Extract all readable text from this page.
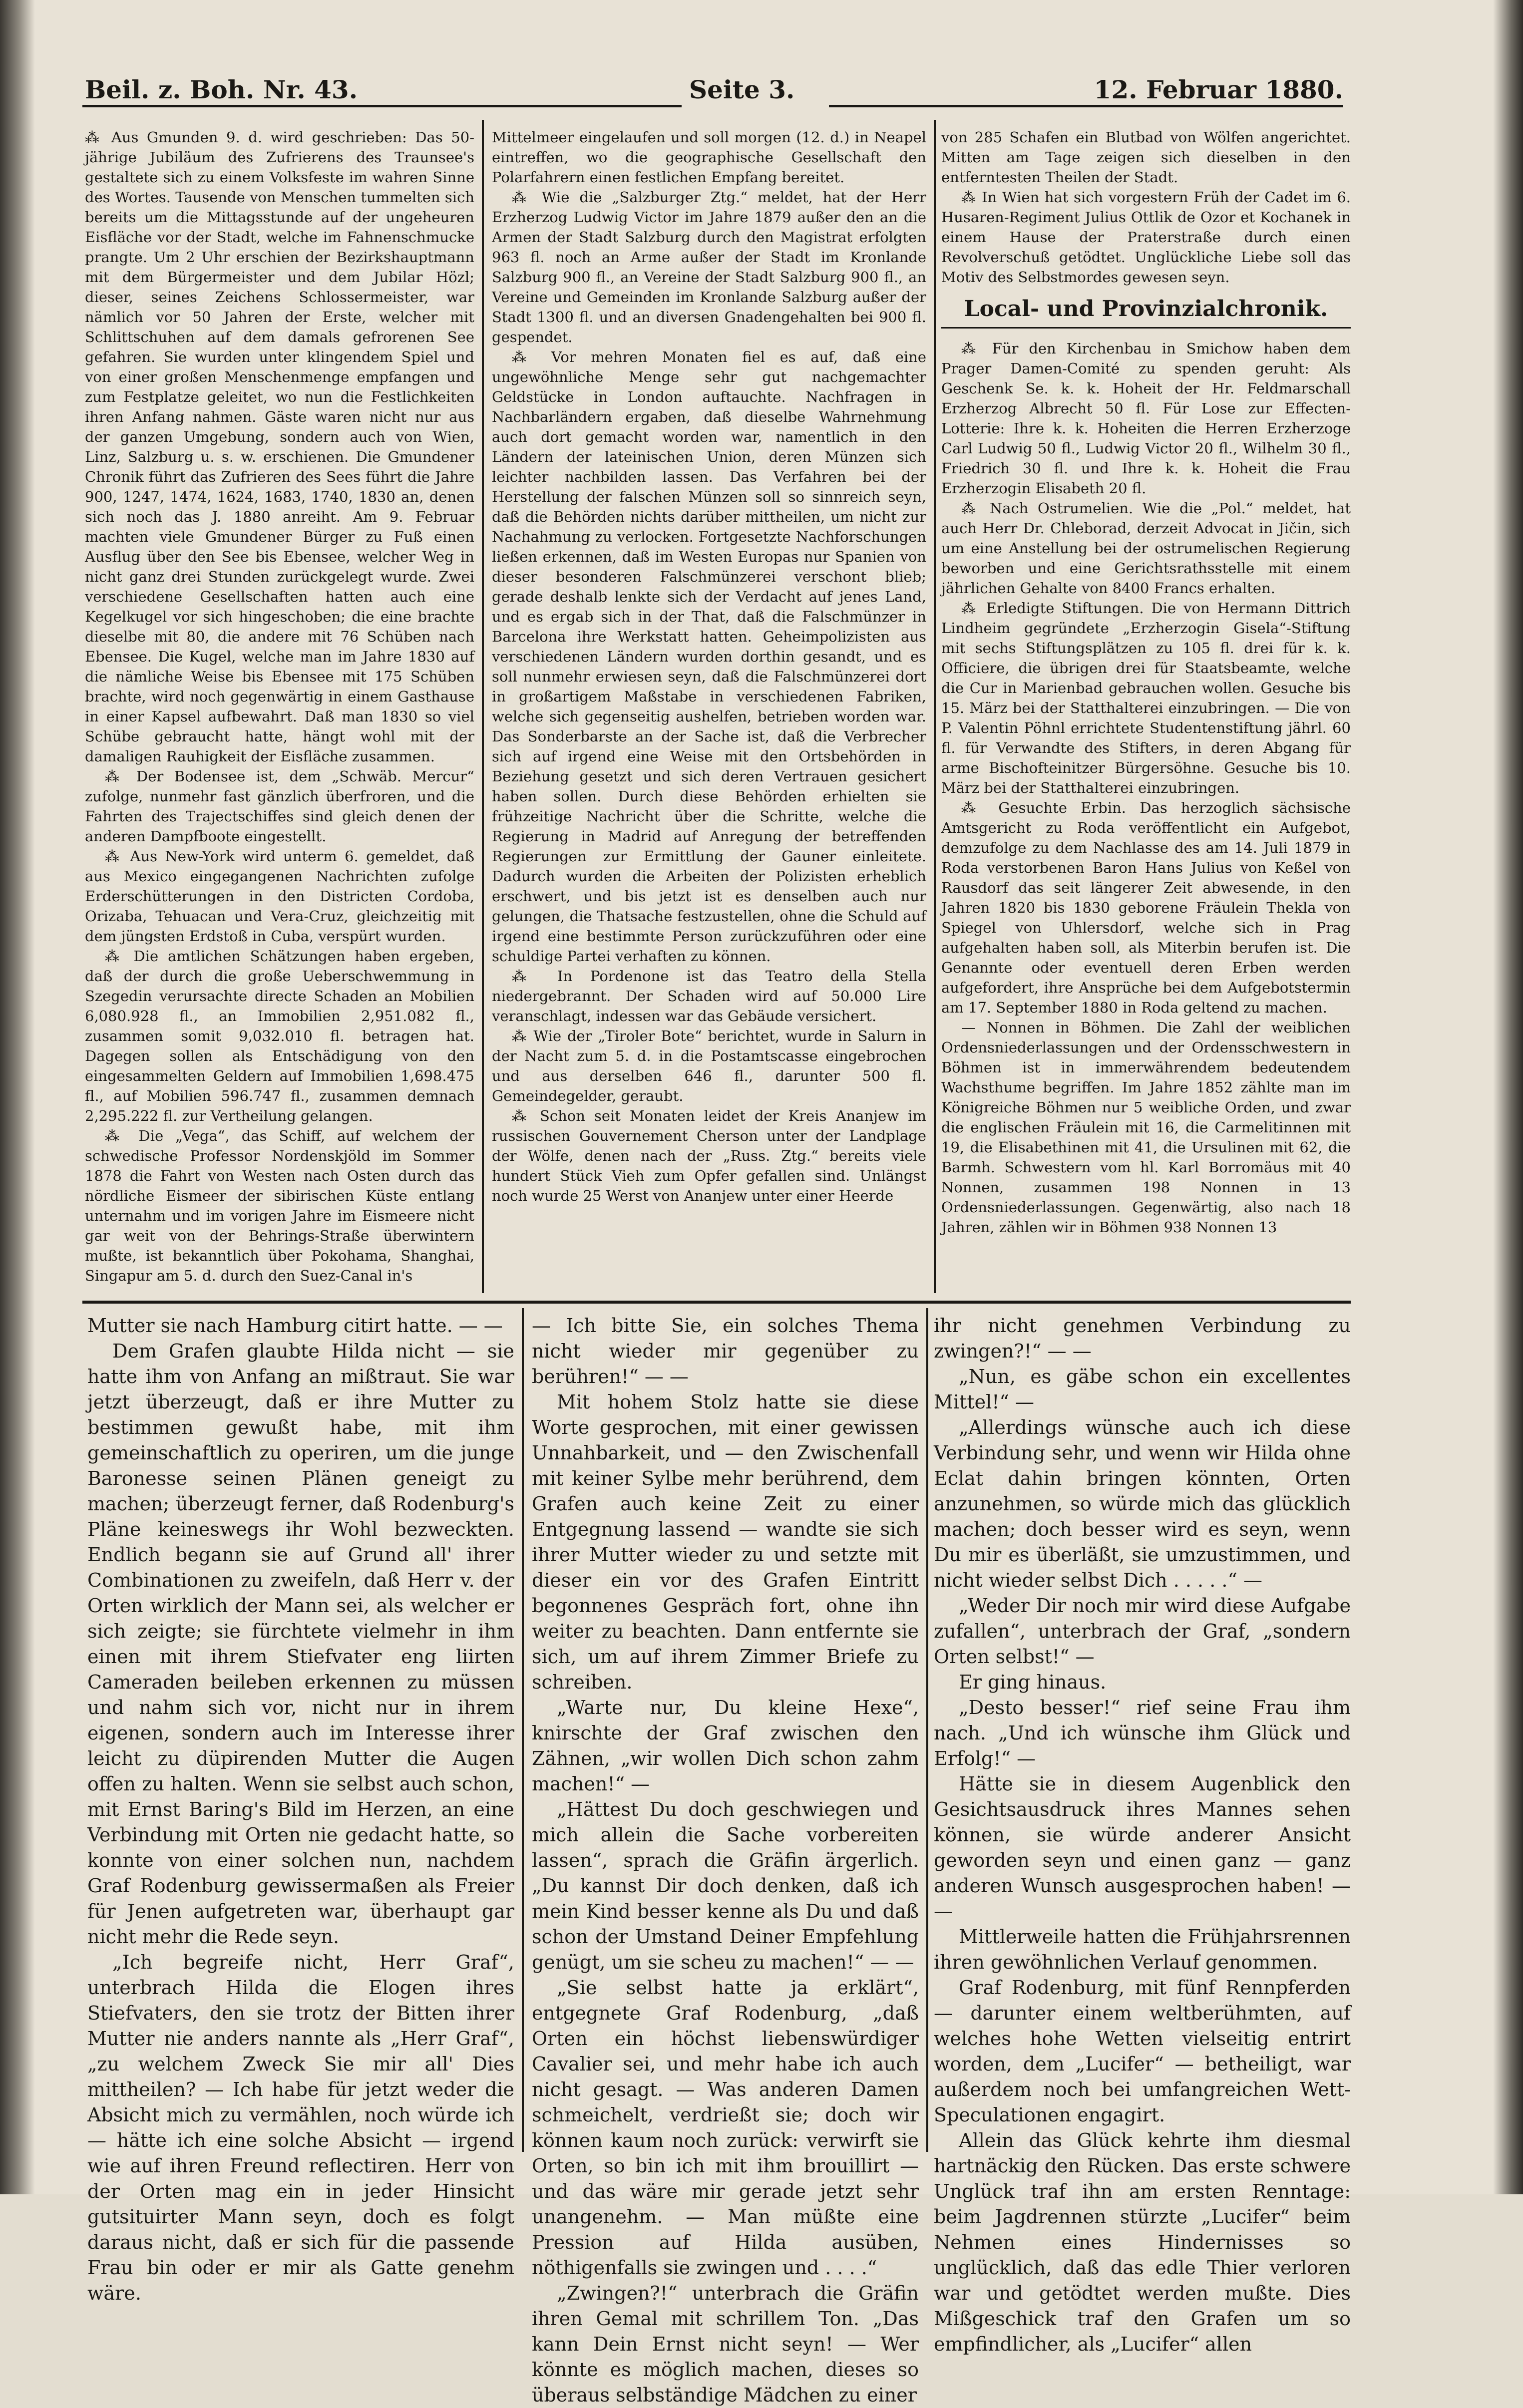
Beil. z. Boh. Nr. 43.	Seite 3.	12. Februar 1880.

⁂ Aus Gmunden 9. d. wird geschrieben: Das 50-jährige Jubiläum des Zufrierens des Traunsee's gestaltete sich zu einem Volksfeste im wahren Sinne des Wortes. Tausende von Menschen tummelten sich bereits um die Mittagsstunde auf der ungeheuren Eisfläche vor der Stadt, welche im Fahnenschmucke prangte. Um 2 Uhr erschien der Bezirkshauptmann mit dem Bürgermeister und dem Jubilar Hözl; dieser, seines Zeichens Schlossermeister, war nämlich vor 50 Jahren der Erste, welcher mit Schlittschuhen auf dem damals gefrorenen See gefahren. Sie wurden unter klingendem Spiel und von einer großen Menschenmenge empfangen und zum Festplatze geleitet, wo nun die Festlichkeiten ihren Anfang nahmen. Gäste waren nicht nur aus der ganzen Umgebung, sondern auch von Wien, Linz, Salzburg u. s. w. erschienen. Die Gmundener Chronik führt das Zufrieren des Sees führt die Jahre 900, 1247, 1474, 1624, 1683, 1740, 1830 an, denen sich noch das J. 1880 anreiht. Am 9. Februar machten viele Gmundener Bürger zu Fuß einen Ausflug über den See bis Ebensee, welcher Weg in nicht ganz drei Stunden zurückgelegt wurde. Zwei verschiedene Gesellschaften hatten auch eine Kegelkugel vor sich hingeschoben; die eine brachte dieselbe mit 80, die andere mit 76 Schüben nach Ebensee. Die Kugel, welche man im Jahre 1830 auf die nämliche Weise bis Ebensee mit 175 Schüben brachte, wird noch gegenwärtig in einem Gasthause in einer Kapsel aufbewahrt. Daß man 1830 so viel Schübe gebraucht hatte, hängt wohl mit der damaligen Rauhigkeit der Eisfläche zusammen.

⁂ Der Bodensee ist, dem „Schwäb. Mercur“ zufolge, nunmehr fast gänzlich überfroren, und die Fahrten des Trajectschiffes sind gleich denen der anderen Dampfboote eingestellt.

⁂ Aus New-York wird unterm 6. gemeldet, daß aus Mexico eingegangenen Nachrichten zufolge Erderschütterungen in den Districten Cordoba, Orizaba, Tehuacan und Vera-Cruz, gleichzeitig mit dem jüngsten Erdstoß in Cuba, verspürt wurden.

⁂ Die amtlichen Schätzungen haben ergeben, daß der durch die große Ueberschwemmung in Szegedin verursachte directe Schaden an Mobilien 6,080.928 fl., an Immobilien 2,951.082 fl., zusammen somit 9,032.010 fl. betragen hat. Dagegen sollen als Entschädigung von den eingesammelten Geldern auf Immobilien 1,698.475 fl., auf Mobilien 596.747 fl., zusammen demnach 2,295.222 fl. zur Vertheilung gelangen.

⁂ Die „Vega“, das Schiff, auf welchem der schwedische Professor Nordenskjöld im Sommer 1878 die Fahrt von Westen nach Osten durch das nördliche Eismeer der sibirischen Küste entlang unternahm und im vorigen Jahre im Eismeere nicht gar weit von der Behrings-Straße überwintern mußte, ist bekanntlich über Pokohama, Shanghai, Singapur am 5. d. durch den Suez-Canal in's

Mittelmeer eingelaufen und soll morgen (12. d.) in Neapel eintreffen, wo die geographische Gesellschaft den Polarfahrern einen festlichen Empfang bereitet.

⁂ Wie die „Salzburger Ztg.“ meldet, hat der Herr Erzherzog Ludwig Victor im Jahre 1879 außer den an die Armen der Stadt Salzburg durch den Magistrat erfolgten 963 fl. noch an Arme außer der Stadt im Kronlande Salzburg 900 fl., an Vereine der Stadt Salzburg 900 fl., an Vereine und Gemeinden im Kronlande Salzburg außer der Stadt 1300 fl. und an diversen Gnadengehalten bei 900 fl. gespendet.

⁂ Vor mehren Monaten fiel es auf, daß eine ungewöhnliche Menge sehr gut nachgemachter Geldstücke in London auftauchte. Nachfragen in Nachbarländern ergaben, daß dieselbe Wahrnehmung auch dort gemacht worden war, namentlich in den Ländern der lateinischen Union, deren Münzen sich leichter nachbilden lassen. Das Verfahren bei der Herstellung der falschen Münzen soll so sinnreich seyn, daß die Behörden nichts darüber mittheilen, um nicht zur Nachahmung zu verlocken. Fortgesetzte Nachforschungen ließen erkennen, daß im Westen Europas nur Spanien von dieser besonderen Falschmünzerei verschont blieb; gerade deshalb lenkte sich der Verdacht auf jenes Land, und es ergab sich in der That, daß die Falschmünzer in Barcelona ihre Werkstatt hatten. Geheimpolizisten aus verschiedenen Ländern wurden dorthin gesandt, und es soll nunmehr erwiesen seyn, daß die Falschmünzerei dort in großartigem Maßstabe in verschiedenen Fabriken, welche sich gegenseitig aushelfen, betrieben worden war. Das Sonderbarste an der Sache ist, daß die Verbrecher sich auf irgend eine Weise mit den Ortsbehörden in Beziehung gesetzt und sich deren Vertrauen gesichert haben sollen. Durch diese Behörden erhielten sie frühzeitige Nachricht über die Schritte, welche die Regierung in Madrid auf Anregung der betreffenden Regierungen zur Ermittlung der Gauner einleitete. Dadurch wurden die Arbeiten der Polizisten erheblich erschwert, und bis jetzt ist es denselben auch nur gelungen, die Thatsache festzustellen, ohne die Schuld auf irgend eine bestimmte Person zurückzuführen oder eine schuldige Partei verhaften zu können.

⁂ In Pordenone ist das Teatro della Stella niedergebrannt. Der Schaden wird auf 50.000 Lire veranschlagt, indessen war das Gebäude versichert.

⁂ Wie der „Tiroler Bote“ berichtet, wurde in Salurn in der Nacht zum 5. d. in die Postamtscasse eingebrochen und aus derselben 646 fl., darunter 500 fl. Gemeindegelder, geraubt.

⁂ Schon seit Monaten leidet der Kreis Ananjew im russischen Gouvernement Cherson unter der Landplage der Wölfe, denen nach der „Russ. Ztg.“ bereits viele hundert Stück Vieh zum Opfer gefallen sind. Unlängst noch wurde 25 Werst von Ananjew unter einer Heerde

von 285 Schafen ein Blutbad von Wölfen angerichtet. Mitten am Tage zeigen sich dieselben in den entferntesten Theilen der Stadt.

⁂ In Wien hat sich vorgestern Früh der Cadet im 6. Husaren-Regiment Julius Ottlik de Ozor et Kochanek in einem Hause der Praterstraße durch einen Revolverschuß getödtet. Unglückliche Liebe soll das Motiv des Selbstmordes gewesen seyn.

Local- und Provinzialchronik.

⁂ Für den Kirchenbau in Smichow haben dem Prager Damen-Comité zu spenden geruht: Als Geschenk Se. k. k. Hoheit der Hr. Feldmarschall Erzherzog Albrecht 50 fl. Für Lose zur Effecten-Lotterie: Ihre k. k. Hoheiten die Herren Erzherzoge Carl Ludwig 50 fl., Ludwig Victor 20 fl., Wilhelm 30 fl., Friedrich 30 fl. und Ihre k. k. Hoheit die Frau Erzherzogin Elisabeth 20 fl.

⁂ Nach Ostrumelien. Wie die „Pol.“ meldet, hat auch Herr Dr. Chleborad, derzeit Advocat in Jičin, sich um eine Anstellung bei der ostrumelischen Regierung beworben und eine Gerichtsrathsstelle mit einem jährlichen Gehalte von 8400 Francs erhalten.

⁂ Erledigte Stiftungen. Die von Hermann Dittrich Lindheim gegründete „Erzherzogin Gisela“-Stiftung mit sechs Stiftungsplätzen zu 105 fl. drei für k. k. Officiere, die übrigen drei für Staatsbeamte, welche die Cur in Marienbad gebrauchen wollen. Gesuche bis 15. März bei der Statthalterei einzubringen. — Die von P. Valentin Pöhnl errichtete Studentenstiftung jährl. 60 fl. für Verwandte des Stifters, in deren Abgang für arme Bischofteinitzer Bürgersöhne. Gesuche bis 10. März bei der Statthalterei einzubringen.

⁂ Gesuchte Erbin. Das herzoglich sächsische Amtsgericht zu Roda veröffentlicht ein Aufgebot, demzufolge zu dem Nachlasse des am 14. Juli 1879 in Roda verstorbenen Baron Hans Julius von Keßel von Rausdorf das seit längerer Zeit abwesende, in den Jahren 1820 bis 1830 geborene Fräulein Thekla von Spiegel von Uhlersdorf, welche sich in Prag aufgehalten haben soll, als Miterbin berufen ist. Die Genannte oder eventuell deren Erben werden aufgefordert, ihre Ansprüche bei dem Aufgebotstermin am 17. September 1880 in Roda geltend zu machen.

— Nonnen in Böhmen. Die Zahl der weiblichen Ordensniederlassungen und der Ordensschwestern in Böhmen ist in immerwährendem bedeutendem Wachsthume begriffen. Im Jahre 1852 zählte man im Königreiche Böhmen nur 5 weibliche Orden, und zwar die englischen Fräulein mit 16, die Carmelitinnen mit 19, die Elisabethinen mit 41, die Ursulinen mit 62, die Barmh. Schwestern vom hl. Karl Borromäus mit 40 Nonnen, zusammen 198 Nonnen in 13 Ordensniederlassungen. Gegenwärtig, also nach 18 Jahren, zählen wir in Böhmen 938 Nonnen 13

Mutter sie nach Hamburg citirt hatte. — —

Dem Grafen glaubte Hilda nicht — sie hatte ihm von Anfang an mißtraut. Sie war jetzt überzeugt, daß er ihre Mutter zu bestimmen gewußt habe, mit ihm gemeinschaftlich zu operiren, um die junge Baronesse seinen Plänen geneigt zu machen; überzeugt ferner, daß Rodenburg's Pläne keineswegs ihr Wohl bezweckten. Endlich begann sie auf Grund all' ihrer Combinationen zu zweifeln, daß Herr v. der Orten wirklich der Mann sei, als welcher er sich zeigte; sie fürchtete vielmehr in ihm einen mit ihrem Stiefvater eng liirten Cameraden beileben erkennen zu müssen und nahm sich vor, nicht nur in ihrem eigenen, sondern auch im Interesse ihrer leicht zu düpirenden Mutter die Augen offen zu halten. Wenn sie selbst auch schon, mit Ernst Baring's Bild im Herzen, an eine Verbindung mit Orten nie gedacht hatte, so konnte von einer solchen nun, nachdem Graf Rodenburg gewissermaßen als Freier für Jenen aufgetreten war, überhaupt gar nicht mehr die Rede seyn.

„Ich begreife nicht, Herr Graf“, unterbrach Hilda die Elogen ihres Stiefvaters, den sie trotz der Bitten ihrer Mutter nie anders nannte als „Herr Graf“, „zu welchem Zweck Sie mir all' Dies mittheilen? — Ich habe für jetzt weder die Absicht mich zu vermählen, noch würde ich — hätte ich eine solche Absicht — irgend wie auf ihren Freund reflectiren. Herr von der Orten mag ein in jeder Hinsicht gutsituirter Mann seyn, doch es folgt daraus nicht, daß er sich für die passende Frau bin oder er mir als Gatte genehm wäre.

— Ich bitte Sie, ein solches Thema nicht wieder mir gegenüber zu berühren!“ — —

Mit hohem Stolz hatte sie diese Worte gesprochen, mit einer gewissen Unnahbarkeit, und — den Zwischenfall mit keiner Sylbe mehr berührend, dem Grafen auch keine Zeit zu einer Entgegnung lassend — wandte sie sich ihrer Mutter wieder zu und setzte mit dieser ein vor des Grafen Eintritt begonnenes Gespräch fort, ohne ihn weiter zu beachten. Dann entfernte sie sich, um auf ihrem Zimmer Briefe zu schreiben.

„Warte nur, Du kleine Hexe“, knirschte der Graf zwischen den Zähnen, „wir wollen Dich schon zahm machen!“ —

„Hättest Du doch geschwiegen und mich allein die Sache vorbereiten lassen“, sprach die Gräfin ärgerlich. „Du kannst Dir doch denken, daß ich mein Kind besser kenne als Du und daß schon der Umstand Deiner Empfehlung genügt, um sie scheu zu machen!“ — —

„Sie selbst hatte ja erklärt“, entgegnete Graf Rodenburg, „daß Orten ein höchst liebenswürdiger Cavalier sei, und mehr habe ich auch nicht gesagt. — Was anderen Damen schmeichelt, verdrießt sie; doch wir können kaum noch zurück: verwirft sie Orten, so bin ich mit ihm brouillirt — und das wäre mir gerade jetzt sehr unangenehm. — Man müßte eine Pression auf Hilda ausüben, nöthigenfalls sie zwingen und . . . .“

„Zwingen?!“ unterbrach die Gräfin ihren Gemal mit schrillem Ton. „Das kann Dein Ernst nicht seyn! — Wer könnte es möglich machen, dieses so überaus selbständige Mädchen zu einer

ihr nicht genehmen Verbindung zu zwingen?!“ — —

„Nun, es gäbe schon ein excellentes Mittel!“ —

„Allerdings wünsche auch ich diese Verbindung sehr, und wenn wir Hilda ohne Eclat dahin bringen könnten, Orten anzunehmen, so würde mich das glücklich machen; doch besser wird es seyn, wenn Du mir es überläßt, sie umzustimmen, und nicht wieder selbst Dich . . . . .“ —

„Weder Dir noch mir wird diese Aufgabe zufallen“, unterbrach der Graf, „sondern Orten selbst!“ —

Er ging hinaus.

„Desto besser!“ rief seine Frau ihm nach. „Und ich wünsche ihm Glück und Erfolg!“ —

Hätte sie in diesem Augenblick den Gesichtsausdruck ihres Mannes sehen können, sie würde anderer Ansicht geworden seyn und einen ganz — ganz anderen Wunsch ausgesprochen haben! — —

Mittlerweile hatten die Frühjahrsrennen ihren gewöhnlichen Verlauf genommen.

Graf Rodenburg, mit fünf Rennpferden — darunter einem weltberühmten, auf welches hohe Wetten vielseitig entrirt worden, dem „Lucifer“ — betheiligt, war außerdem noch bei umfangreichen Wett-Speculationen engagirt.

Allein das Glück kehrte ihm diesmal hartnäckig den Rücken. Das erste schwere Unglück traf ihn am ersten Renntage: beim Jagdrennen stürzte „Lucifer“ beim Nehmen eines Hindernisses so unglücklich, daß das edle Thier verloren war und getödtet werden mußte. Dies Mißgeschick traf den Grafen um so empfindlicher, als „Lucifer“ allen
